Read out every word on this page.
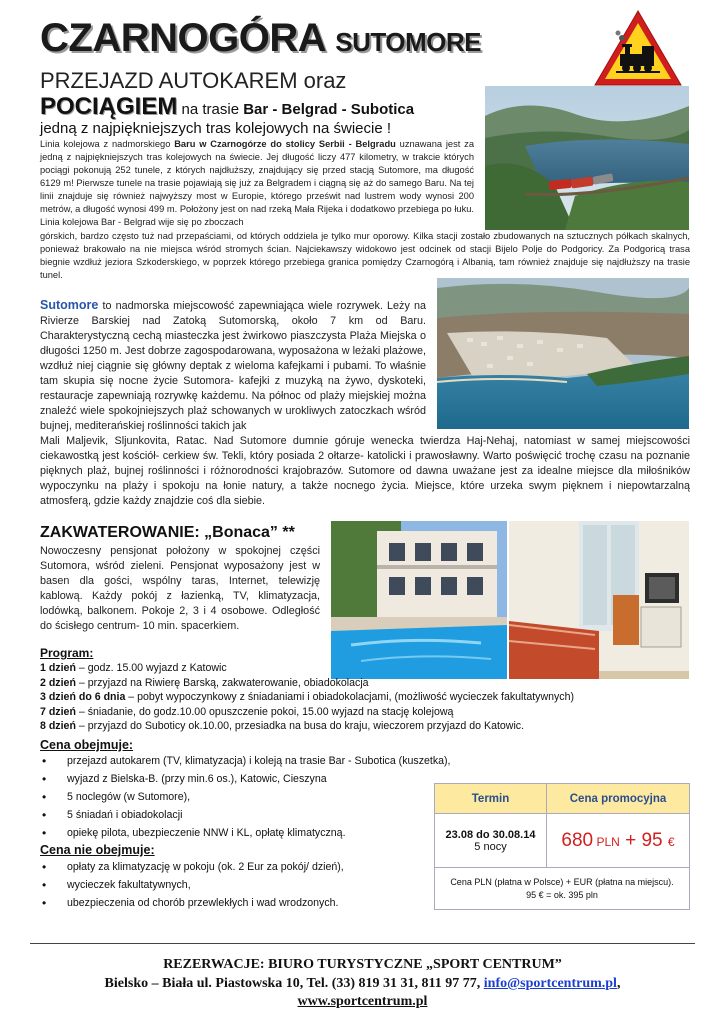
CZARNOGÓRA SUTOMORE
PRZEJAZD AUTOKAREM oraz
POCIĄGIEM na trasie Bar - Belgrad - Subotica
jedną z najpiękniejszych tras kolejowych na świecie !
Linia kolejowa z nadmorskiego Baru w Czarnogórze do stolicy Serbii - Belgradu uznawana jest za jedną z najpiękniejszych tras kolejowych na świecie. Jej długość liczy 477 kilometry, w trakcie których pociągi pokonują 252 tunele, z których najdłuższy, znajdujący się przed stacją Sutomore, ma długość 6129 m! Pierwsze tunele na trasie pojawiają się już za Belgradem i ciągną się aż do samego Baru. Na tej linii znajduje się również najwyższy most w Europie, którego prześwit nad lustrem wody wynosi 200 metrów, a długość wynosi 499 m. Położony jest on nad rzeką Mała Rijeka i dodatkowo przebiega po łuku. Linia kolejowa Bar - Belgrad wije się po zboczach
górskich, bardzo często tuż nad przepaściami, od których oddziela je tylko mur oporowy. Kilka stacji zostało zbudowanych na sztucznych półkach skalnych, ponieważ brakowało na nie miejsca wśród stromych ścian. Najciekawszy widokowo jest odcinek od stacji Bijelo Polje do Podgoricy. Za Podgoricą trasa biegnie wzdłuż jeziora Szkoderskiego, w poprzek którego przebiega granica pomiędzy Czarnogórą i Albanią, tam również znajduje się najdłuższy na trasie tunel.
Sutomore to nadmorska miejscowość zapewniająca wiele rozrywek. Leży na Rivierze Barskiej nad Zatoką Sutomorską, około 7 km od Baru. Charakterystyczną cechą miasteczka jest żwirkowo piaszczysta Plaża Miejska o długości 1250 m. Jest dobrze zagospodarowana, wyposażona w leżaki plażowe, wzdłuż niej ciągnie się główny deptak z wieloma kafejkami i pubami. To właśnie tam skupia się nocne życie Sutomora- kafejki z muzyką na żywo, dyskoteki, restauracje zapewniają rozrywkę każdemu. Na północ od plaży miejskiej można znaleźć wiele spokojniejszych plaż schowanych w urokliwych zatoczkach wśród bujnej, mediterańskiej roślinności takich jak
Mali Maljevik, Sljunkovita, Ratac. Nad Sutomore dumnie góruje wenecka twierdza Haj-Nehaj, natomiast w samej miejscowości ciekawostką jest kościół- cerkiew św. Tekli, który posiada 2 ołtarze- katolicki i prawosławny. Warto poświęcić trochę czasu na poznanie pięknych plaż, bujnej roślinności i różnorodności krajobrazów. Sutomore od dawna uważane jest za idealne miejsce dla miłośników wypoczynku na plaży i spokoju na łonie natury, a także nocnego życia. Miejsce, które urzeka swym pięknem i niepowtarzalną atmosferą, gdzie każdy znajdzie coś dla siebie.
ZAKWATEROWANIE: „Bonaca” **
Nowoczesny pensjonat położony w spokojnej części Sutomora, wśród zieleni. Pensjonat wyposażony jest w basen dla gości, wspólny taras, Internet, telewizję kablową. Każdy pokój z łazienką, TV, klimatyzacja, lodówką, balkonem. Pokoje 2, 3 i 4 osobowe. Odległość do ścisłego centrum- 10 min. spacerkiem.
Program:
1 dzień – godz. 15.00 wyjazd z Katowic
2 dzień – przyjazd na Riwierę Barską, zakwaterowanie, obiadokolacja
3 dzień do 6 dnia – pobyt wypoczynkowy z śniadaniami i obiadokolacjami, (możliwość wycieczek fakultatywnych)
7 dzień – śniadanie, do godz.10.00 opuszczenie pokoi, 15.00 wyjazd na stację kolejową
8 dzień – przyjazd do Suboticy ok.10.00, przesiadka na busa do kraju, wieczorem przyjazd do Katowic.
Cena obejmuje:
• przejazd autokarem (TV, klimatyzacja) i koleją na trasie Bar - Subotica (kuszetka),
• wyjazd z Bielska-B. (przy min.6 os.), Katowic, Cieszyna
• 5 noclegów (w Sutomore),
• 5 śniadań i obiadokolacji
• opiekę pilota, ubezpieczenie NNW i KL, opłatę klimatyczną.
Cena nie obejmuje:
• opłaty za klimatyzację w pokoju (ok. 2 Eur za pokój/ dzień),
• wycieczek fakultatywnych,
• ubezpieczenia od chorób przewlekłych i wad wrodzonych.
Termin	Cena promocyjna

23.08 do 30.08.14
5 nocy	680 PLN + 95 €

Cena PLN (płatna w Polsce) + EUR (płatna na miejscu).
95 € = ok. 395 pln	
REZERWACJE: BIURO TURYSTYCZNE „SPORT CENTRUM”
Bielsko – Biała ul. Piastowska 10, Tel. (33) 819 31 31, 811 97 77, info@sportcentrum.pl,
www.sportcentrum.pl
